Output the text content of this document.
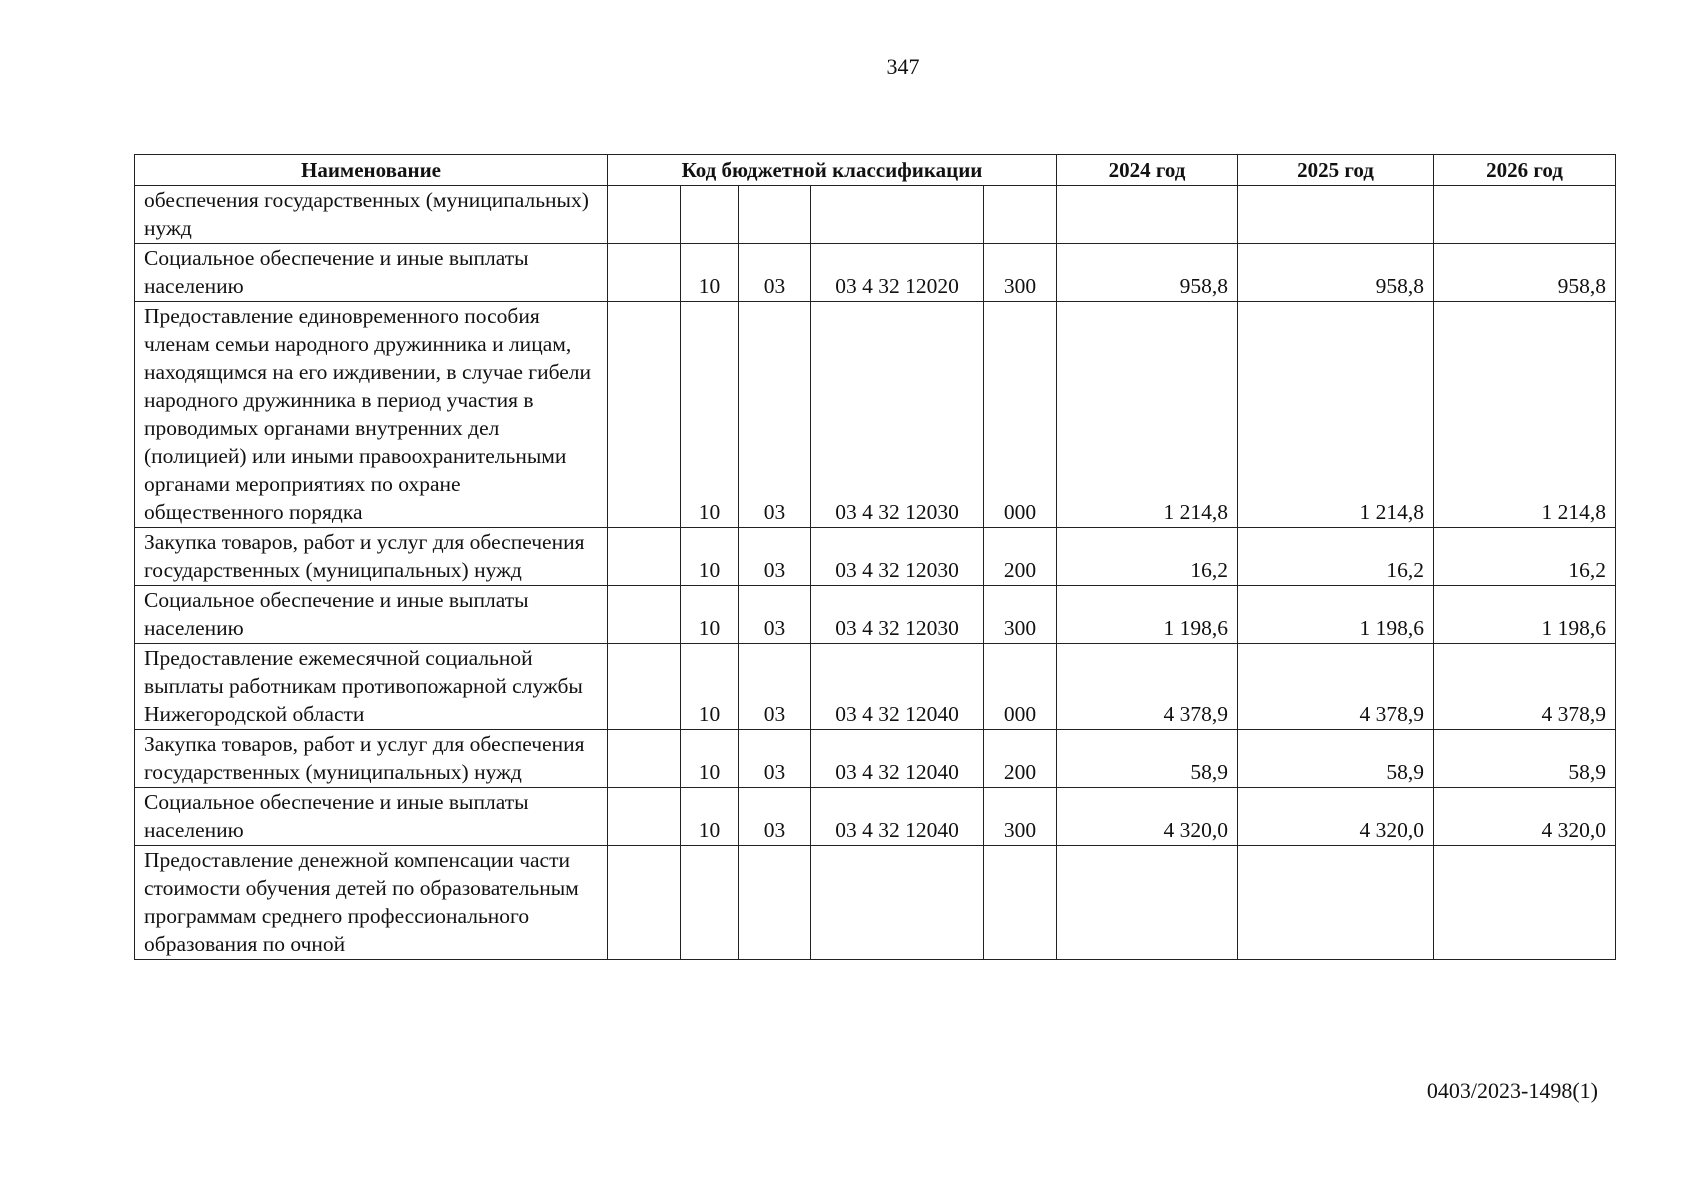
347
Наименование	Код бюджетной классификации					2024 год	2025 год	2026 год
обеспечения государственных (муниципальных) нужд								
Социальное обеспечение и иные выплаты населению		10	03	03 4 32 12020	300	958,8	958,8	958,8
Предоставление единовременного пособия членам семьи народного дружинника и лицам, находящимся на его иждивении, в случае гибели народного дружинника в период участия в проводимых органами внутренних дел (полицией) или иными правоохранительными органами мероприятиях по охране общественного порядка		10	03	03 4 32 12030	000	1 214,8	1 214,8	1 214,8
Закупка товаров, работ и услуг для обеспечения государственных (муниципальных) нужд		10	03	03 4 32 12030	200	16,2	16,2	16,2
Социальное обеспечение и иные выплаты населению		10	03	03 4 32 12030	300	1 198,6	1 198,6	1 198,6
Предоставление ежемесячной социальной выплаты работникам противопожарной службы Нижегородской области		10	03	03 4 32 12040	000	4 378,9	4 378,9	4 378,9
Закупка товаров, работ и услуг для обеспечения государственных (муниципальных) нужд		10	03	03 4 32 12040	200	58,9	58,9	58,9
Социальное обеспечение и иные выплаты населению		10	03	03 4 32 12040	300	4 320,0	4 320,0	4 320,0
Предоставление денежной компенсации части стоимости обучения детей по образовательным программам среднего профессионального образования по очной								
0403/2023-1498(1)
